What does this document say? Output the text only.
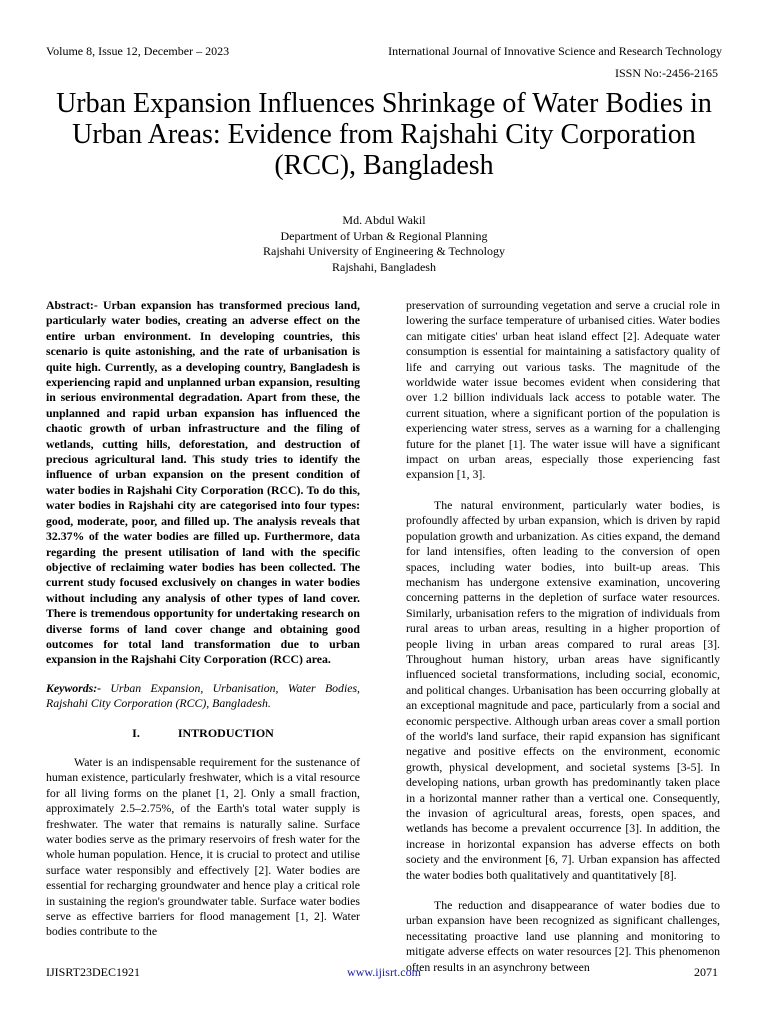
Volume 8, Issue 12, December – 2023	International Journal of Innovative Science and Research Technology
ISSN No:-2456-2165
Urban Expansion Influences Shrinkage of Water Bodies in Urban Areas: Evidence from Rajshahi City Corporation (RCC), Bangladesh
Md. Abdul Wakil
Department of Urban & Regional Planning
Rajshahi University of Engineering & Technology
Rajshahi, Bangladesh

Abstract:- Urban expansion has transformed precious land, particularly water bodies, creating an adverse effect on the entire urban environment. In developing countries, this scenario is quite astonishing, and the rate of urbanisation is quite high. Currently, as a developing country, Bangladesh is experiencing rapid and unplanned urban expansion, resulting in serious environmental degradation. Apart from these, the unplanned and rapid urban expansion has influenced the chaotic growth of urban infrastructure and the filing of wetlands, cutting hills, deforestation, and destruction of precious agricultural land. This study tries to identify the influence of urban expansion on the present condition of water bodies in Rajshahi City Corporation (RCC). To do this, water bodies in Rajshahi city are categorised into four types: good, moderate, poor, and filled up. The analysis reveals that 32.37% of the water bodies are filled up. Furthermore, data regarding the present utilisation of land with the specific objective of reclaiming water bodies has been collected. The current study focused exclusively on changes in water bodies without including any analysis of other types of land cover. There is tremendous opportunity for undertaking research on diverse forms of land cover change and obtaining good outcomes for total land transformation due to urban expansion in the Rajshahi City Corporation (RCC) area.

Keywords:- Urban Expansion, Urbanisation, Water Bodies, Rajshahi City Corporation (RCC), Bangladesh.

I.	INTRODUCTION

Water is an indispensable requirement for the sustenance of human existence, particularly freshwater, which is a vital resource for all living forms on the planet [1, 2]. Only a small fraction, approximately 2.5–2.75%, of the Earth's total water supply is freshwater. The water that remains is naturally saline. Surface water bodies serve as the primary reservoirs of fresh water for the whole human population. Hence, it is crucial to protect and utilise surface water responsibly and effectively [2]. Water bodies are essential for recharging groundwater and hence play a critical role in sustaining the region's groundwater table. Surface water bodies serve as effective barriers for flood management [1, 2]. Water bodies contribute to the

preservation of surrounding vegetation and serve a crucial role in lowering the surface temperature of urbanised cities. Water bodies can mitigate cities' urban heat island effect [2]. Adequate water consumption is essential for maintaining a satisfactory quality of life and carrying out various tasks. The magnitude of the worldwide water issue becomes evident when considering that over 1.2 billion individuals lack access to potable water. The current situation, where a significant portion of the population is experiencing water stress, serves as a warning for a challenging future for the planet [1]. The water issue will have a significant impact on urban areas, especially those experiencing fast expansion [1, 3].

The natural environment, particularly water bodies, is profoundly affected by urban expansion, which is driven by rapid population growth and urbanization. As cities expand, the demand for land intensifies, often leading to the conversion of open spaces, including water bodies, into built-up areas. This mechanism has undergone extensive examination, uncovering concerning patterns in the depletion of surface water resources. Similarly, urbanisation refers to the migration of individuals from rural areas to urban areas, resulting in a higher proportion of people living in urban areas compared to rural areas [3]. Throughout human history, urban areas have significantly influenced societal transformations, including social, economic, and political changes. Urbanisation has been occurring globally at an exceptional magnitude and pace, particularly from a social and economic perspective. Although urban areas cover a small portion of the world's land surface, their rapid expansion has significant negative and positive effects on the environment, economic growth, physical development, and societal systems [3-5]. In developing nations, urban growth has predominantly taken place in a horizontal manner rather than a vertical one. Consequently, the invasion of agricultural areas, forests, open spaces, and wetlands has become a prevalent occurrence [3]. In addition, the increase in horizontal expansion has adverse effects on both society and the environment [6, 7]. Urban expansion has affected the water bodies both qualitatively and quantitatively [8].

The reduction and disappearance of water bodies due to urban expansion have been recognized as significant challenges, necessitating proactive land use planning and monitoring to mitigate adverse effects on water resources [2]. This phenomenon often results in an asynchrony between

IJISRT23DEC1921	www.ijisrt.com	2071
